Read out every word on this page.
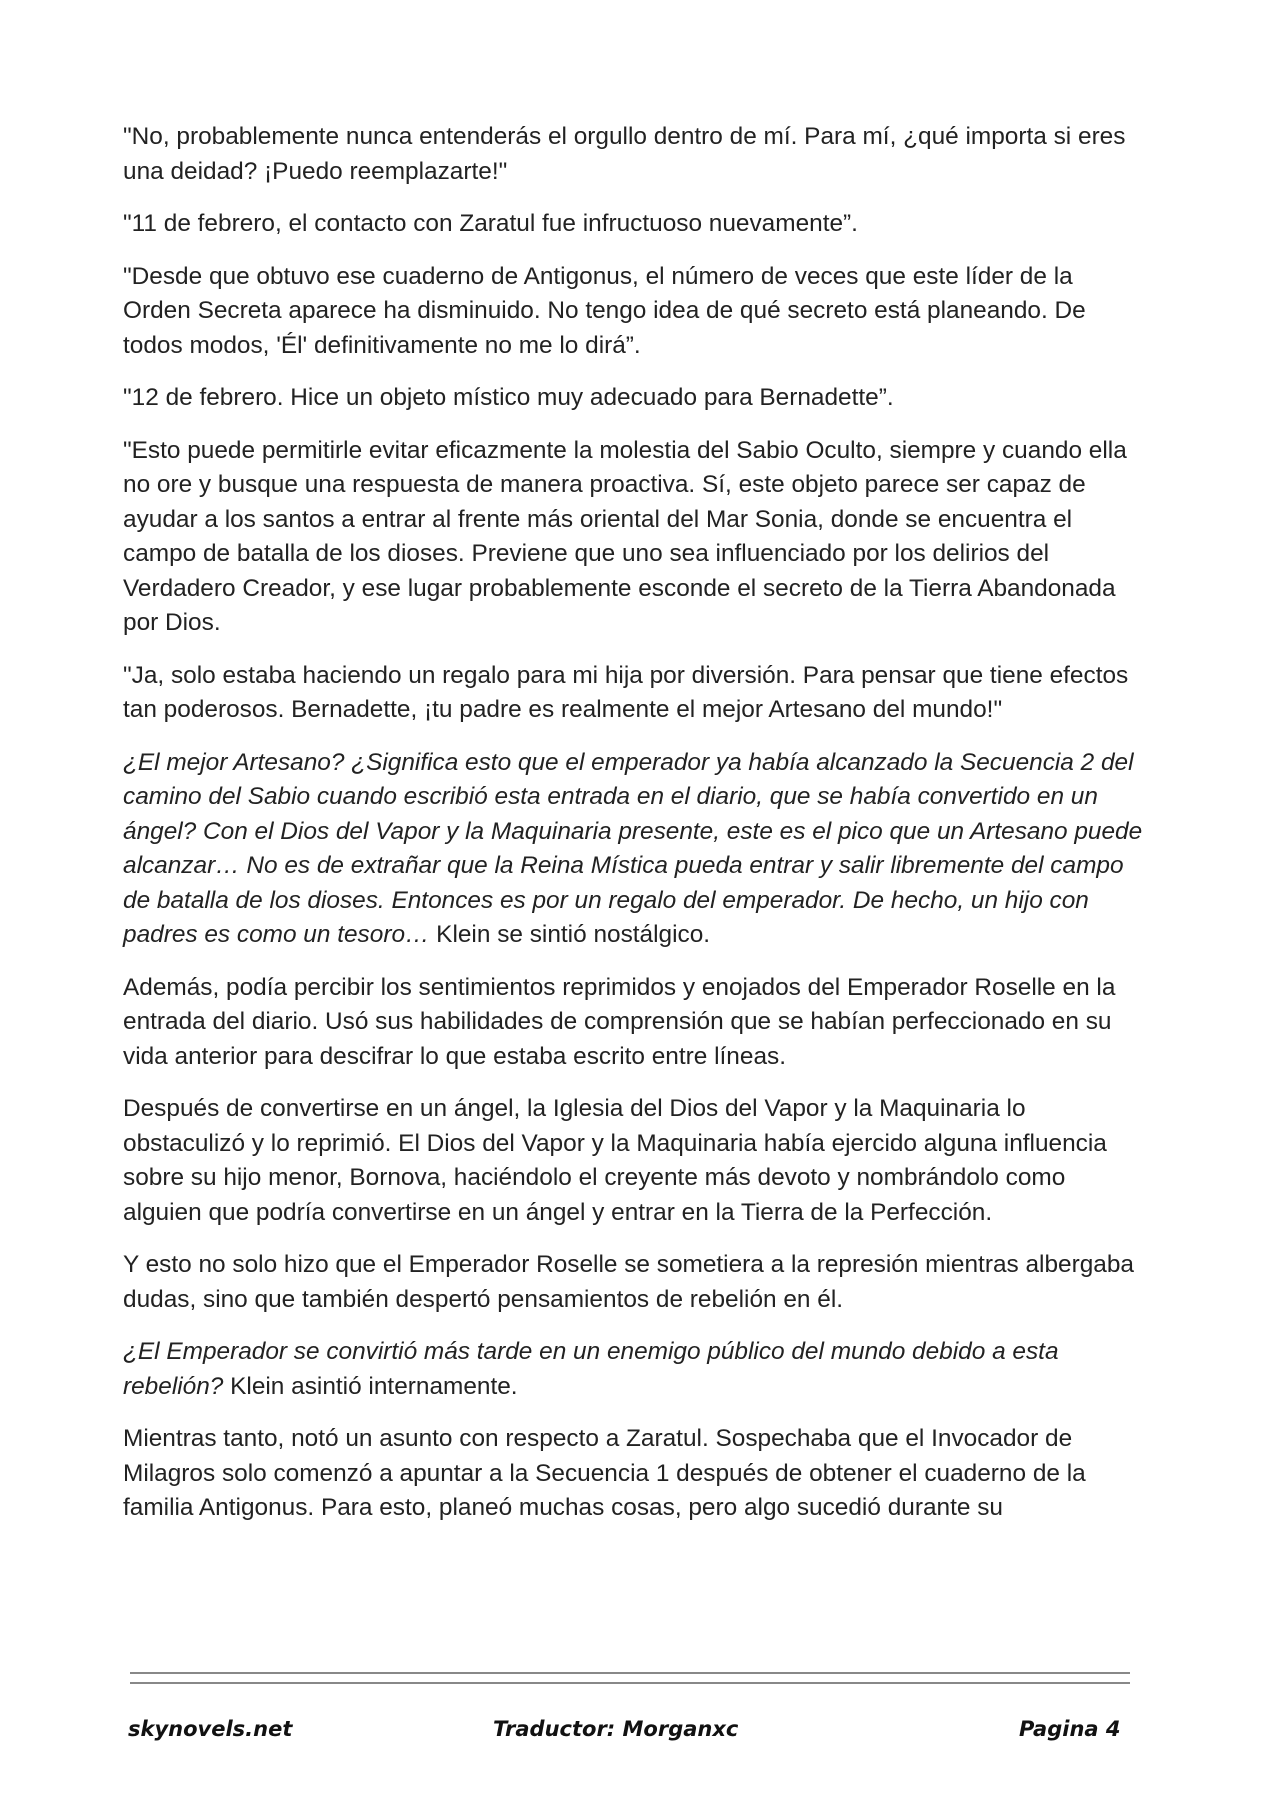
"No, probablemente nunca entenderás el orgullo dentro de mí. Para mí, ¿qué importa si eres una deidad? ¡Puedo reemplazarte!"

"11 de febrero, el contacto con Zaratul fue infructuoso nuevamente”.

"Desde que obtuvo ese cuaderno de Antigonus, el número de veces que este líder de la Orden Secreta aparece ha disminuido. No tengo idea de qué secreto está planeando. De todos modos, 'Él' definitivamente no me lo dirá”.

"12 de febrero. Hice un objeto místico muy adecuado para Bernadette”.

"Esto puede permitirle evitar eficazmente la molestia del Sabio Oculto, siempre y cuando ella no ore y busque una respuesta de manera proactiva. Sí, este objeto parece ser capaz de ayudar a los santos a entrar al frente más oriental del Mar Sonia, donde se encuentra el campo de batalla de los dioses. Previene que uno sea influenciado por los delirios del Verdadero Creador, y ese lugar probablemente esconde el secreto de la Tierra Abandonada por Dios.

"Ja, solo estaba haciendo un regalo para mi hija por diversión. Para pensar que tiene efectos tan poderosos. Bernadette, ¡tu padre es realmente el mejor Artesano del mundo!"

¿El mejor Artesano? ¿Significa esto que el emperador ya había alcanzado la Secuencia 2 del camino del Sabio cuando escribió esta entrada en el diario, que se había convertido en un ángel? Con el Dios del Vapor y la Maquinaria presente, este es el pico que un Artesano puede alcanzar… No es de extrañar que la Reina Mística pueda entrar y salir libremente del campo de batalla de los dioses. Entonces es por un regalo del emperador. De hecho, un hijo con padres es como un tesoro… Klein se sintió nostálgico.

Además, podía percibir los sentimientos reprimidos y enojados del Emperador Roselle en la entrada del diario. Usó sus habilidades de comprensión que se habían perfeccionado en su vida anterior para descifrar lo que estaba escrito entre líneas.

Después de convertirse en un ángel, la Iglesia del Dios del Vapor y la Maquinaria lo obstaculizó y lo reprimió. El Dios del Vapor y la Maquinaria había ejercido alguna influencia sobre su hijo menor, Bornova, haciéndolo el creyente más devoto y nombrándolo como alguien que podría convertirse en un ángel y entrar en la Tierra de la Perfección.

Y esto no solo hizo que el Emperador Roselle se sometiera a la represión mientras albergaba dudas, sino que también despertó pensamientos de rebelión en él.

¿El Emperador se convirtió más tarde en un enemigo público del mundo debido a esta rebelión? Klein asintió internamente.

Mientras tanto, notó un asunto con respecto a Zaratul. Sospechaba que el Invocador de Milagros solo comenzó a apuntar a la Secuencia 1 después de obtener el cuaderno de la familia Antigonus. Para esto, planeó muchas cosas, pero algo sucedió durante su

skynovels.net	Traductor: Morganxc	Pagina 4
